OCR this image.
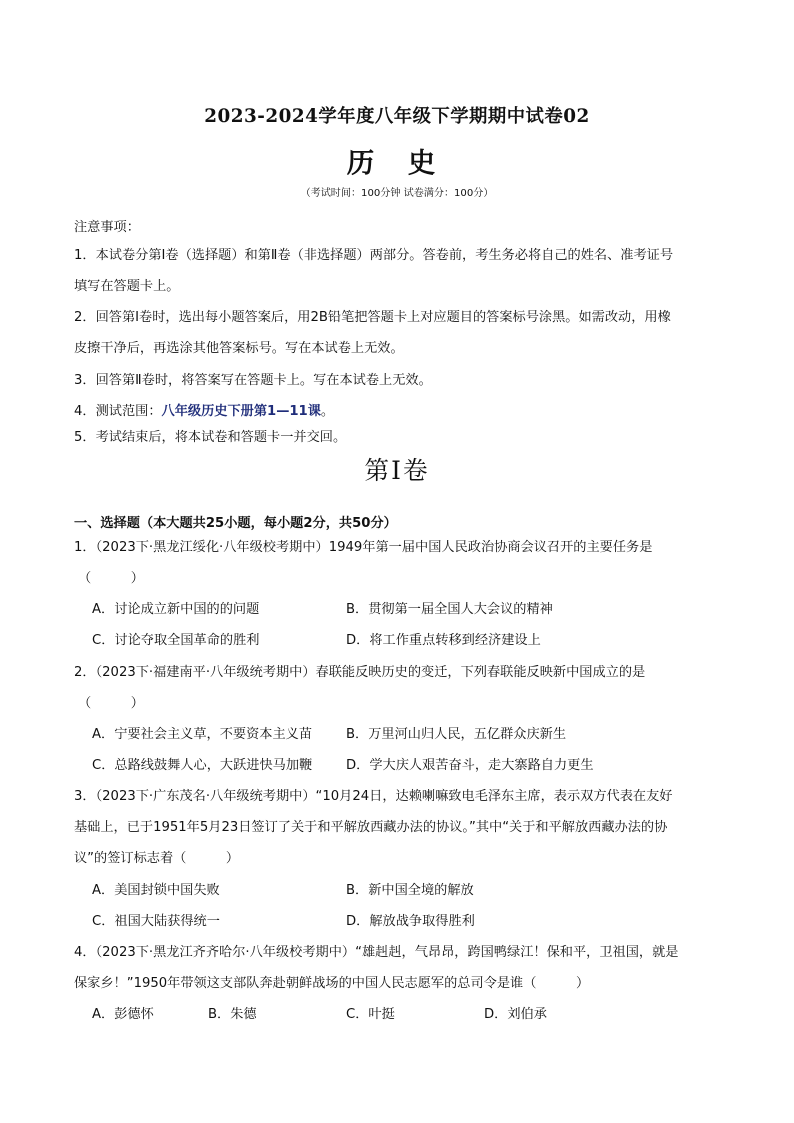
2023-2024学年度八年级下学期期中试卷02
历 史
（考试时间：100分钟 试卷满分：100分）
注意事项：
1．本试卷分第Ⅰ卷（选择题）和第Ⅱ卷（非选择题）两部分。答卷前，考生务必将自己的姓名、准考证号
填写在答题卡上。
2．回答第Ⅰ卷时，选出每小题答案后，用2B铅笔把答题卡上对应题目的答案标号涂黑。如需改动，用橡
皮擦干净后，再选涂其他答案标号。写在本试卷上无效。
3．回答第Ⅱ卷时，将答案写在答题卡上。写在本试卷上无效。
4．测试范围：八年级历史下册第1—11课。
5．考试结束后，将本试卷和答题卡一并交回。
第Ⅰ卷
一、选择题（本大题共25小题，每小题2分，共50分）
1．（2023下·黑龙江绥化·八年级校考期中）1949年第一届中国人民政治协商会议召开的主要任务是
（　　　）
A．讨论成立新中国的的问题	B．贯彻第一届全国人大会议的精神
C．讨论夺取全国革命的胜利	D．将工作重点转移到经济建设上
2．（2023下·福建南平·八年级统考期中）春联能反映历史的变迁，下列春联能反映新中国成立的是
（　　　）
A．宁要社会主义草，不要资本主义苗	B．万里河山归人民，五亿群众庆新生
C．总路线鼓舞人心，大跃进快马加鞭	D．学大庆人艰苦奋斗，走大寨路自力更生
3．（2023下·广东茂名·八年级统考期中）“10月24日，达赖喇嘛致电毛泽东主席，表示双方代表在友好
基础上，已于1951年5月23日签订了关于和平解放西藏办法的协议。”其中“关于和平解放西藏办法的协
议”的签订标志着（　　　）
A．美国封锁中国失败	B．新中国全境的解放
C．祖国大陆获得统一	D．解放战争取得胜利
4．（2023下·黑龙江齐齐哈尔·八年级校考期中）“雄赳赳，气昂昂，跨国鸭绿江！保和平，卫祖国，就是
保家乡！”1950年带领这支部队奔赴朝鲜战场的中国人民志愿军的总司令是谁（　　　）
A．彭德怀	B．朱德	C．叶挺	D．刘伯承
